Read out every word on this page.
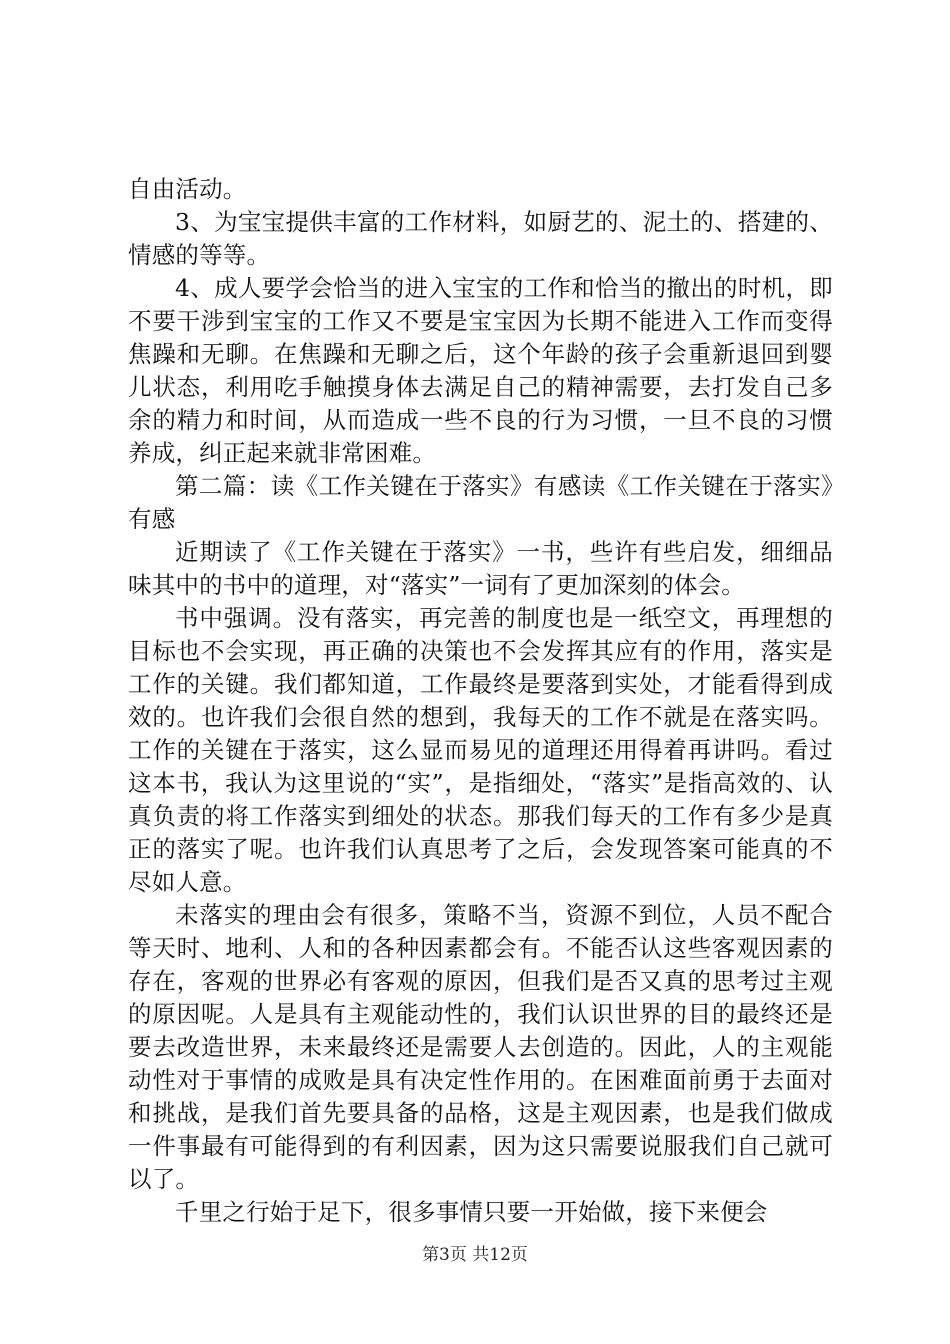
自由活动。

3、为宝宝提供丰富的工作材料，如厨艺的、泥土的、搭建的、情感的等等。

4、成人要学会恰当的进入宝宝的工作和恰当的撤出的时机，即不要干涉到宝宝的工作又不要是宝宝因为长期不能进入工作而变得焦躁和无聊。在焦躁和无聊之后，这个年龄的孩子会重新退回到婴儿状态，利用吃手触摸身体去满足自己的精神需要，去打发自己多余的精力和时间，从而造成一些不良的行为习惯，一旦不良的习惯养成，纠正起来就非常困难。

第二篇：读《工作关键在于落实》有感读《工作关键在于落实》有感

近期读了《工作关键在于落实》一书，些许有些启发，细细品味其中的书中的道理，对“落实”一词有了更加深刻的体会。

书中强调。没有落实，再完善的制度也是一纸空文，再理想的目标也不会实现，再正确的决策也不会发挥其应有的作用，落实是工作的关键。我们都知道，工作最终是要落到实处，才能看得到成效的。也许我们会很自然的想到，我每天的工作不就是在落实吗。工作的关键在于落实，这么显而易见的道理还用得着再讲吗。看过这本书，我认为这里说的“实”，是指细处，“落实”是指高效的、认真负责的将工作落实到细处的状态。那我们每天的工作有多少是真正的落实了呢。也许我们认真思考了之后，会发现答案可能真的不尽如人意。

未落实的理由会有很多，策略不当，资源不到位，人员不配合等天时、地利、人和的各种因素都会有。不能否认这些客观因素的存在，客观的世界必有客观的原因，但我们是否又真的思考过主观的原因呢。人是具有主观能动性的，我们认识世界的目的最终还是要去改造世界，未来最终还是需要人去创造的。因此，人的主观能动性对于事情的成败是具有决定性作用的。在困难面前勇于去面对和挑战，是我们首先要具备的品格，这是主观因素，也是我们做成一件事最有可能得到的有利因素，因为这只需要说服我们自己就可以了。

千里之行始于足下，很多事情只要一开始做，接下来便会

第3页 共12页
